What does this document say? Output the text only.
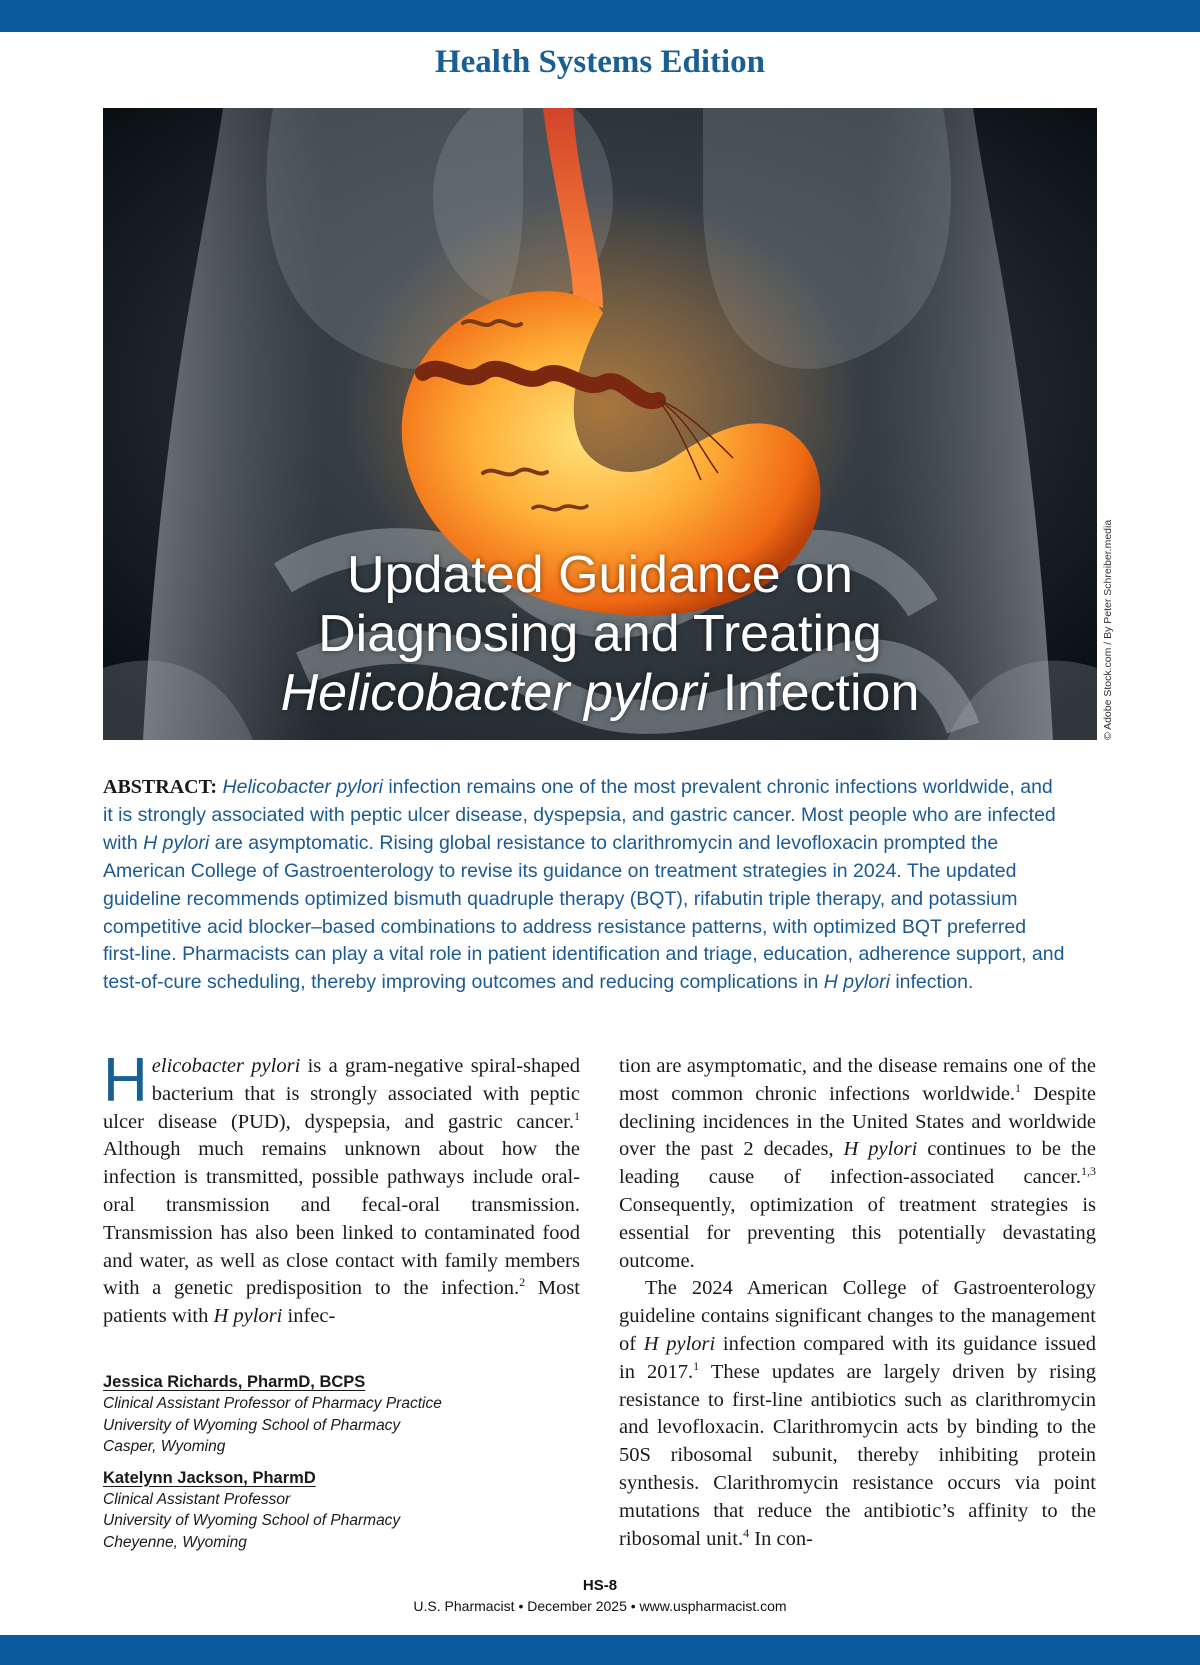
Health Systems Edition
Updated Guidance on
Diagnosing and Treating
Helicobacter pylori Infection	© Adobe Stock.com / By Peter Schreiber.media

ABSTRACT: Helicobacter pylori infection remains one of the most prevalent chronic infections worldwide, and it is strongly associated with peptic ulcer disease, dyspepsia, and gastric cancer. Most people who are infected with H pylori are asymptomatic. Rising global resistance to clarithromycin and levofloxacin prompted the American College of Gastroenterology to revise its guidance on treatment strategies in 2024. The updated guideline recommends optimized bismuth quadruple therapy (BQT), rifabutin triple therapy, and potassium competitive acid blocker–based combinations to address resistance patterns, with optimized BQT preferred first-line. Pharmacists can play a vital role in patient identification and triage, education, adherence support, and test-of-cure scheduling, thereby improving outcomes and reducing complications in H pylori infection.

Helicobacter pylori is a gram-negative spiral-shaped bacterium that is strongly associated with peptic ulcer disease (PUD), dyspepsia, and gastric cancer.$^1$ Although much remains unknown about how the infection is transmitted, possible pathways include oral-oral transmission and fecal-oral transmission. Transmission has also been linked to contaminated food and water, as well as close contact with family members with a genetic predisposition to the infection.$^2$ Most patients with H pylori infec-

Jessica Richards, PharmD, BCPS
Clinical Assistant Professor of Pharmacy Practice
University of Wyoming School of Pharmacy
Casper, Wyoming
Katelynn Jackson, PharmD
Clinical Assistant Professor
University of Wyoming School of Pharmacy
Cheyenne, Wyoming

tion are asymptomatic, and the disease remains one of the most common chronic infections worldwide.$^1$ Despite declining incidences in the United States and worldwide over the past 2 decades, H pylori continues to be the leading cause of infection-associated cancer.$^{1,3}$ Consequently, optimization of treatment strategies is essential for preventing this potentially devastating outcome.

The 2024 American College of Gastroenterology guideline contains significant changes to the management of H pylori infection compared with its guidance issued in 2017.$^1$ These updates are largely driven by rising resistance to first-line antibiotics such as clarithromycin and levofloxacin. Clarithromycin acts by binding to the 50S ribosomal subunit, thereby inhibiting protein synthesis. Clarithromycin resistance occurs via point mutations that reduce the antibiotic’s affinity to the ribosomal unit.$^4$ In con-

HS-8
U.S. Pharmacist • December 2025 • www.uspharmacist.com
